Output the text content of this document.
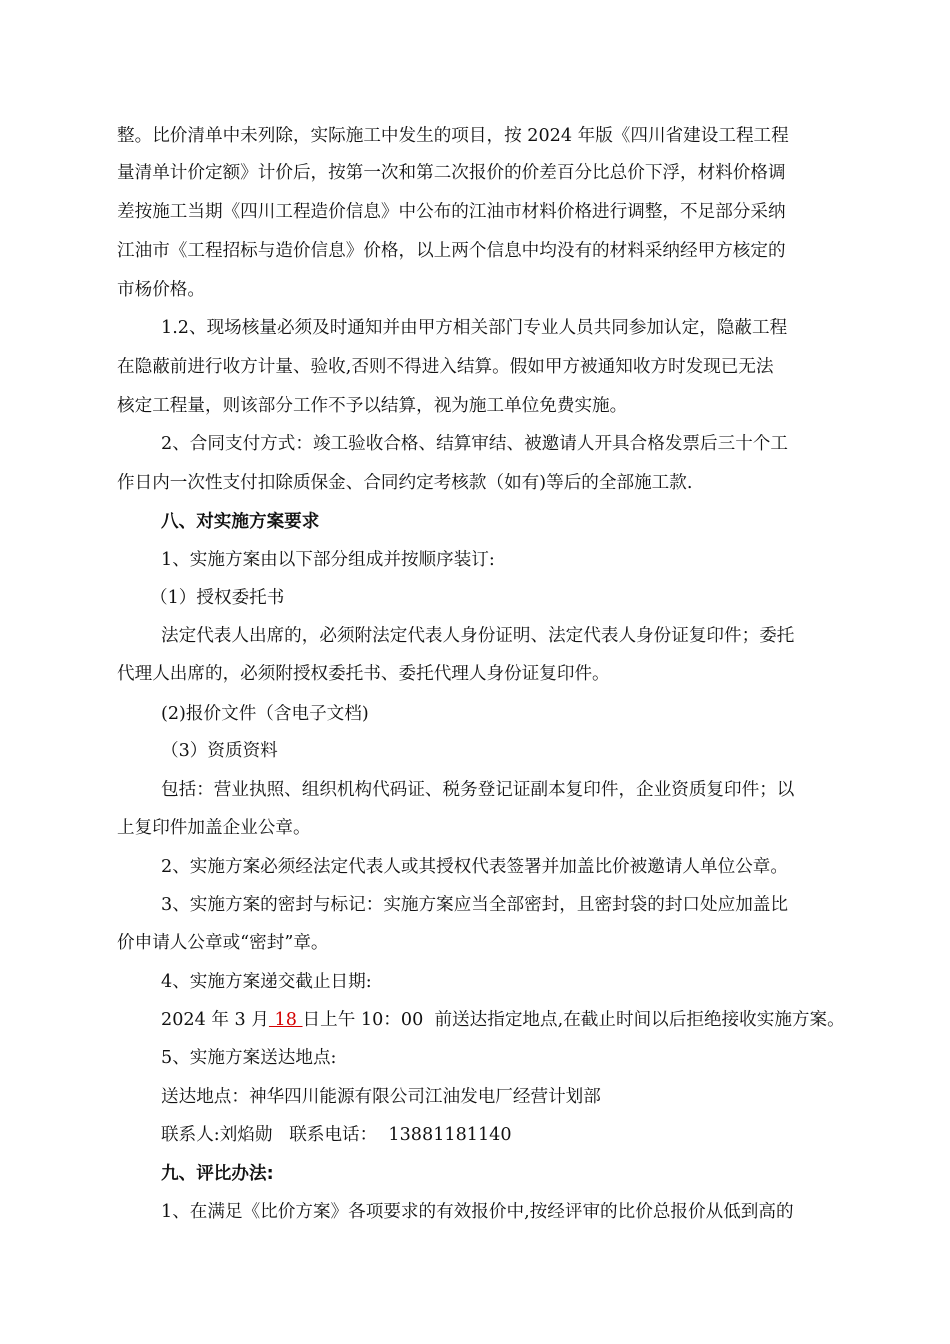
整。比价清单中未列除，实际施工中发生的项目，按 2024 年版《四川省建设工程工程
量清单计价定额》计价后，按第一次和第二次报价的价差百分比总价下浮，材料价格调
差按施工当期《四川工程造价信息》中公布的江油市材料价格进行调整，不足部分采纳
江油市《工程招标与造价信息》价格，以上两个信息中均没有的材料采纳经甲方核定的
市杨价格。
1.2、现场核量必须及时通知并由甲方相关部门专业人员共同参加认定，隐蔽工程
在隐蔽前进行收方计量、验收,否则不得进入结算。假如甲方被通知收方时发现已无法
核定工程量，则该部分工作不予以结算，视为施工单位免费实施。
2、合同支付方式：竣工验收合格、结算审结、被邀请人开具合格发票后三十个工
作日内一次性支付扣除质保金、合同约定考核款（如有)等后的全部施工款.
八、对实施方案要求
1、实施方案由以下部分组成并按顺序装订:
（1）授权委托书
法定代表人出席的，必须附法定代表人身份证明、法定代表人身份证复印件；委托
代理人出席的，必须附授权委托书、委托代理人身份证复印件。
(2)报价文件（含电子文档)
（3）资质资料
包括：营业执照、组织机构代码证、税务登记证副本复印件，企业资质复印件；以
上复印件加盖企业公章。
2、实施方案必须经法定代表人或其授权代表签署并加盖比价被邀请人单位公章。
3、实施方案的密封与标记：实施方案应当全部密封，且密封袋的封口处应加盖比
价申请人公章或“密封”章。
4、实施方案递交截止日期:
2024 年 3 月 18 日上午 10：00  前送达指定地点,在截止时间以后拒绝接收实施方案。
5、实施方案送达地点:
送达地点：神华四川能源有限公司江油发电厂经营计划部
联系人:刘焰勋   联系电话：  13881181140
九、评比办法:
1、在满足《比价方案》各项要求的有效报价中,按经评审的比价总报价从低到高的
